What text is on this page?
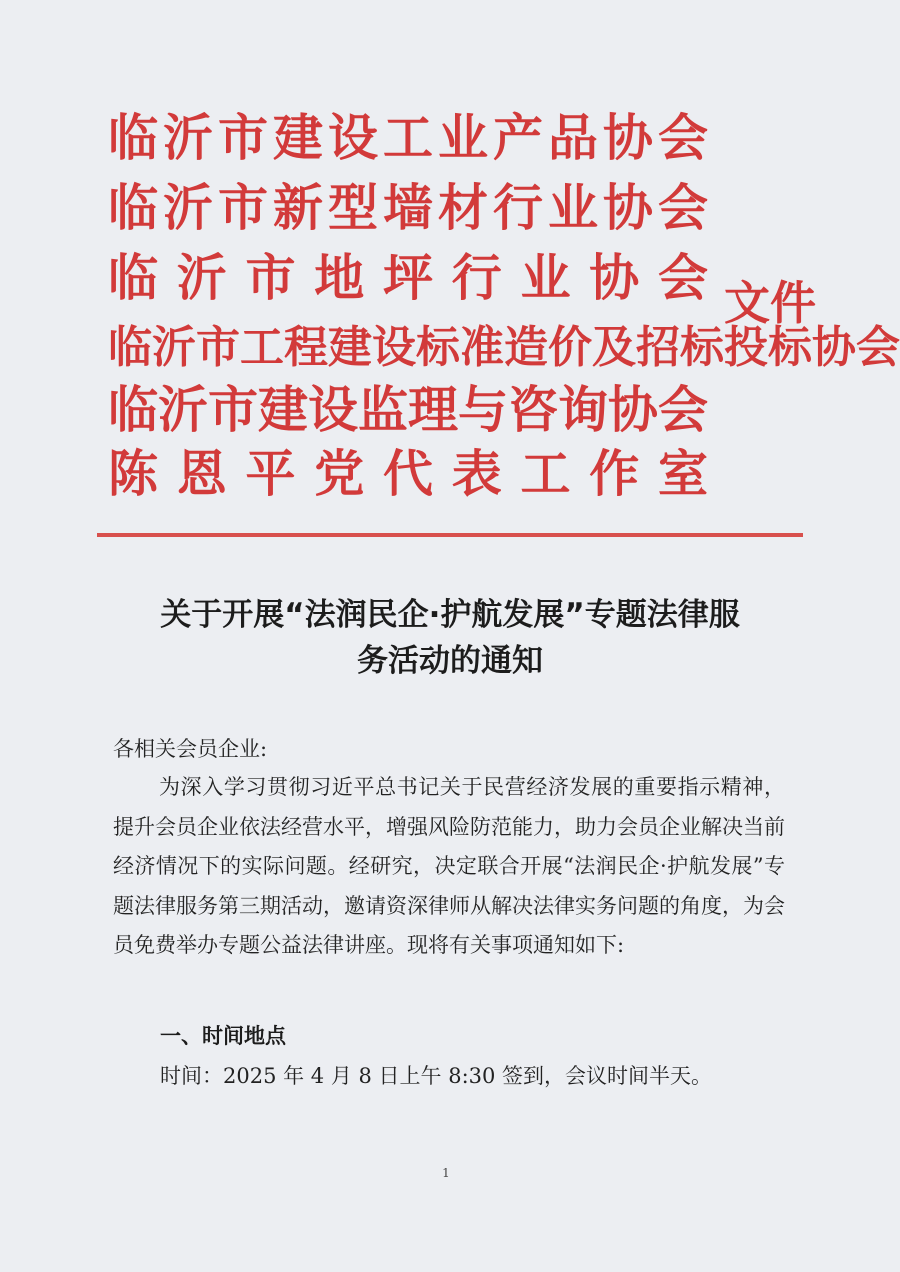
临沂市建设工业产品协会
临沂市新型墙材行业协会
临沂市地坪行业协会
临沂市工程建设标准造价及招标投标协会
临沂市建设监理与咨询协会
陈恩平党代表工作室
文件
关于开展“法润民企·护航发展”专题法律服
务活动的通知
各相关会员企业:
为深入学习贯彻习近平总书记关于民营经济发展的重要指示精神，提升会员企业依法经营水平，增强风险防范能力，助力会员企业解决当前经济情况下的实际问题。经研究，决定联合开展“法润民企·护航发展”专题法律服务第三期活动，邀请资深律师从解决法律实务问题的角度，为会员免费举办专题公益法律讲座。现将有关事项通知如下:
一、时间地点
时间：2025 年 4 月 8 日上午 8:30 签到，会议时间半天。
1
